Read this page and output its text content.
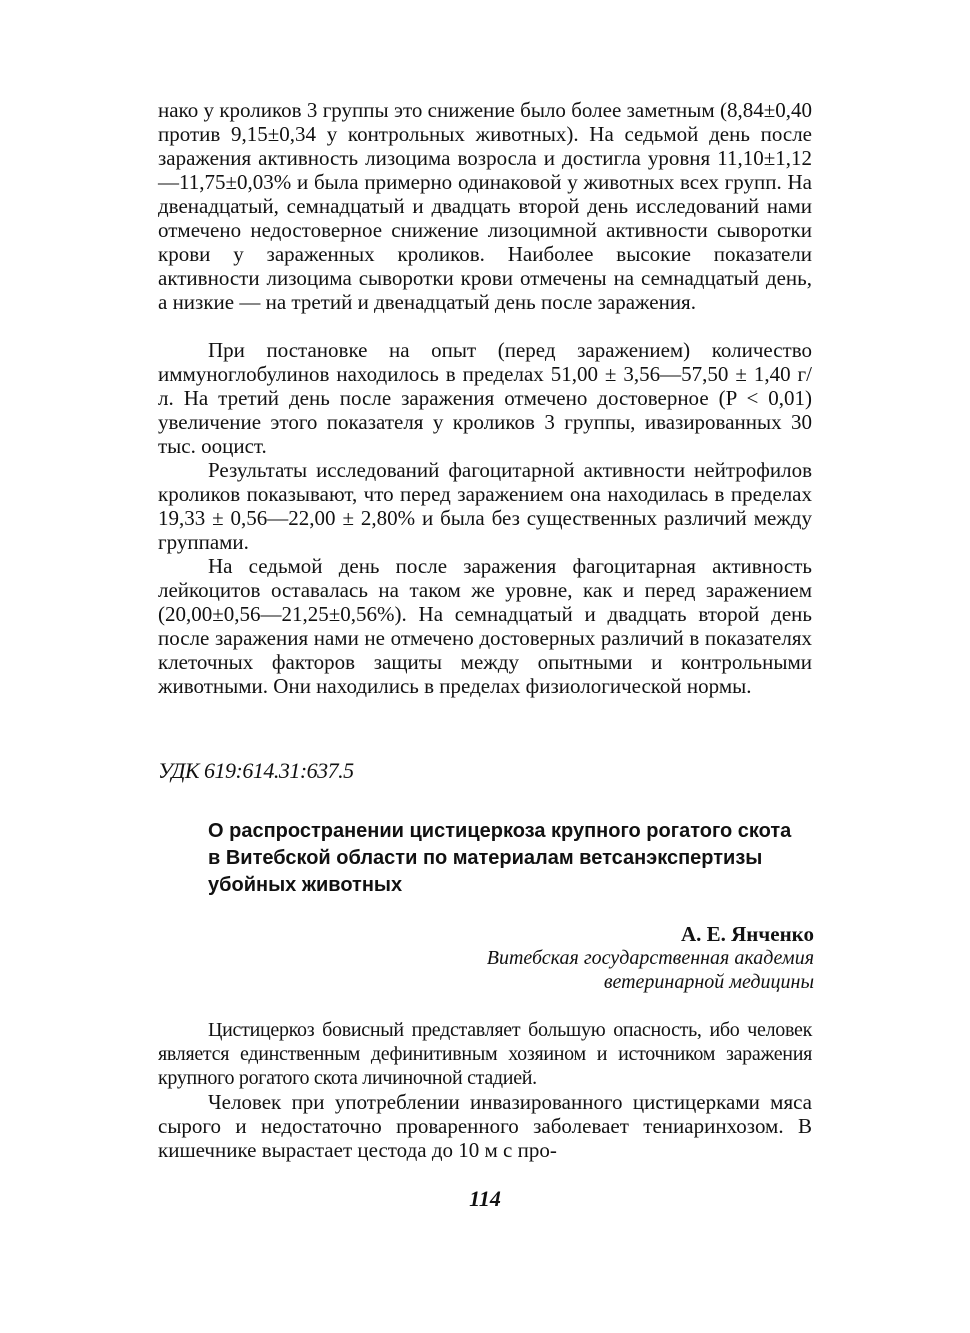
нако у кроликов 3 группы это снижение было более заметным (8,84±0,40 против 9,15±0,34 у контрольных животных). На седьмой день после заражения активность лизоцима возросла и достигла уровня 11,10±1,12—11,75±0,03% и была примерно одинаковой у животных всех групп. На двенадцатый, семнадцатый и двадцать второй день исследований нами отмечено недостоверное снижение лизоцимной активности сыворотки крови у зараженных кроликов. Наиболее высокие показатели активности лизоцима сыворотки крови отмечены на семнадцатый день, а низкие — на третий и двенадцатый день после заражения.

При постановке на опыт (перед заражением) количество иммуноглобулинов находилось в пределах 51,00 ± 3,56—57,50 ± 1,40 г/л. На третий день после заражения отмечено достоверное (P < 0,01) увеличение этого показателя у кроликов 3 группы, ивазированных 30 тыс. ооцист.

Результаты исследований фагоцитарной активности нейтрофилов кроликов показывают, что перед заражением она находилась в пределах 19,33 ± 0,56—22,00 ± 2,80% и была без существенных различий между группами.

На седьмой день после заражения фагоцитарная активность лейкоцитов оставалась на таком же уровне, как и перед заражением (20,00±0,56—21,25±0,56%). На семнадцатый и двадцать второй день после заражения нами не отмечено достоверных различий в показателях клеточных факторов защиты между опытными и контрольными животными. Они находились в пределах физиологической нормы.

УДК 619:614.31:637.5

О распространении цистицеркоза крупного рогатого скота в Витебской области по материалам ветсанэкспертизы убойных животных

А. Е. Янченко

Витебская государственная академия ветеринарной медицины

Цистицеркоз бовисный представляет большую опасность, ибо человек является единственным дефинитивным хозяином и источником заражения крупного рогатого скота личиночной стадией.

Человек при употреблении инвазированного цистицерками мяса сырого и недостаточно проваренного заболевает тениаринхозом. В кишечнике вырастает цестода до 10 м с про-

114
